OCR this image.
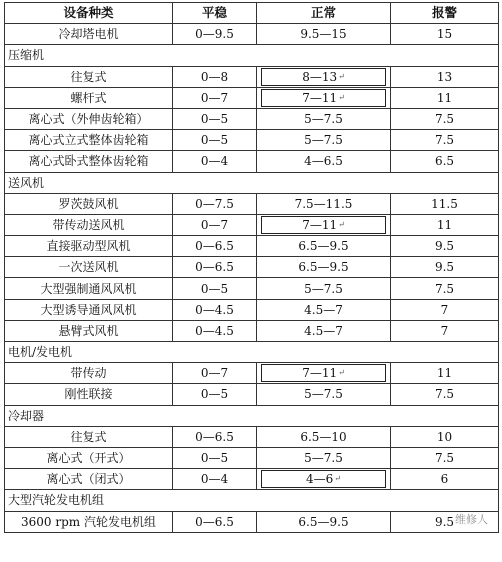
设备种类	平稳	正常	报警
冷却塔电机	0—9.5	9.5—15	15
压缩机			
往复式	0—8	8—13↵	13
螺杆式	0—7	7—11↵	11
离心式（外伸齿轮箱）	0—5	5—7.5	7.5
离心式立式整体齿轮箱	0—5	5—7.5	7.5
离心式卧式整体齿轮箱	0—4	4—6.5	6.5
送风机			
罗茨鼓风机	0—7.5	7.5—11.5	11.5
带传动送风机	0—7	7—11↵	11
直接驱动型风机	0—6.5	6.5—9.5	9.5
一次送风机	0—6.5	6.5—9.5	9.5
大型强制通风风机	0—5	5—7.5	7.5
大型诱导通风风机	0—4.5	4.5—7	7
悬臂式风机	0—4.5	4.5—7	7
电机/发电机			
带传动	0—7	7—11↵	11
刚性联接	0—5	5—7.5	7.5
冷却器			
往复式	0—6.5	6.5—10	10
离心式（开式）	0—5	5—7.5	7.5
离心式（闭式）	0—4	4—6↵	6
大型汽轮发电机组			
3600 rpm 汽轮发电机组	0—6.5	6.5—9.5	9.5 维修人
